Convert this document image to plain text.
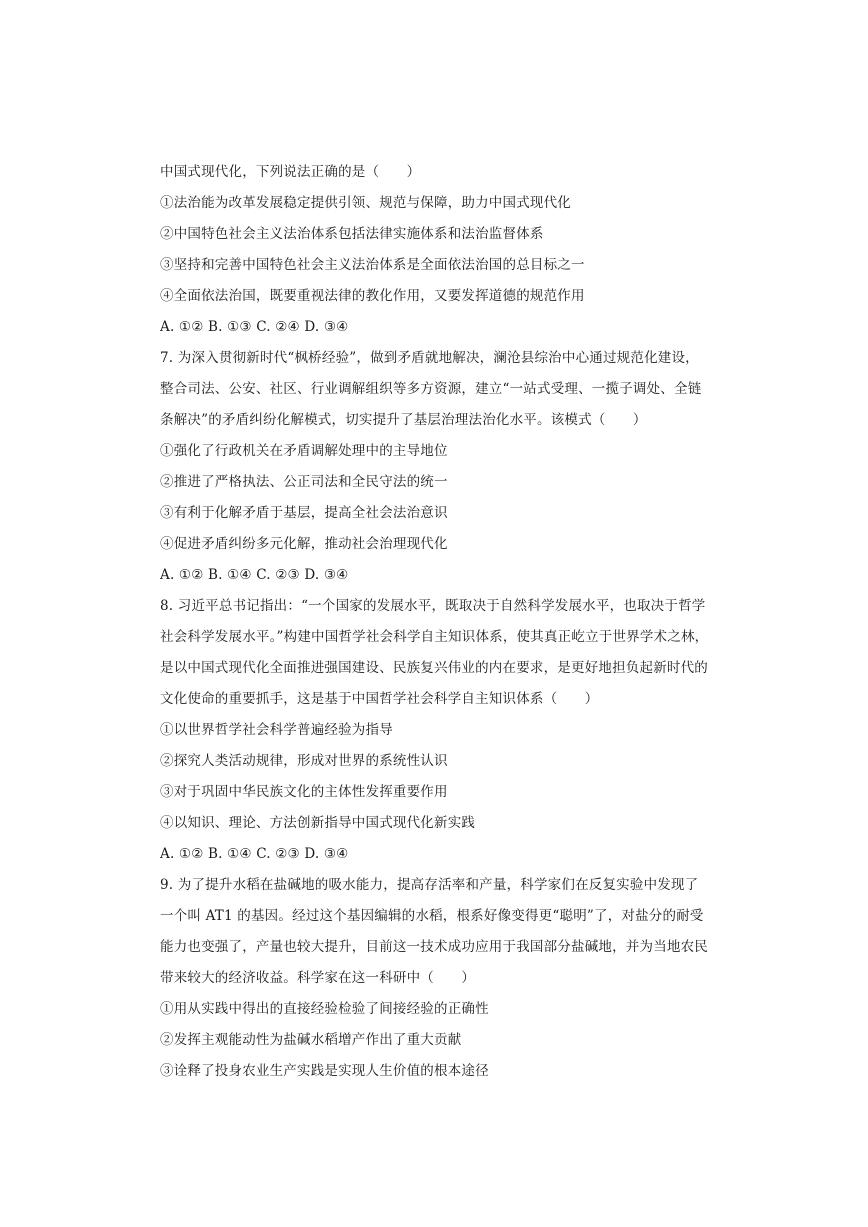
中国式现代化，下列说法正确的是（　　）
①法治能为改革发展稳定提供引领、规范与保障，助力中国式现代化
②中国特色社会主义法治体系包括法律实施体系和法治监督体系
③坚持和完善中国特色社会主义法治体系是全面依法治国的总目标之一
④全面依法治国，既要重视法律的教化作用，又要发挥道德的规范作用
A. ①② B. ①③ C. ②④ D. ③④
7. 为深入贯彻新时代“枫桥经验”，做到矛盾就地解决，澜沧县综治中心通过规范化建设，
整合司法、公安、社区、行业调解组织等多方资源，建立“一站式受理、一揽子调处、全链
条解决”的矛盾纠纷化解模式，切实提升了基层治理法治化水平。该模式（　　）
①强化了行政机关在矛盾调解处理中的主导地位
②推进了严格执法、公正司法和全民守法的统一
③有利于化解矛盾于基层，提高全社会法治意识
④促进矛盾纠纷多元化解，推动社会治理现代化
A. ①② B. ①④ C. ②③ D. ③④
8. 习近平总书记指出：“一个国家的发展水平，既取决于自然科学发展水平，也取决于哲学
社会科学发展水平。”构建中国哲学社会科学自主知识体系，使其真正屹立于世界学术之林，
是以中国式现代化全面推进强国建设、民族复兴伟业的内在要求，是更好地担负起新时代的
文化使命的重要抓手，这是基于中国哲学社会科学自主知识体系（　　）
①以世界哲学社会科学普遍经验为指导
②探究人类活动规律，形成对世界的系统性认识
③对于巩固中华民族文化的主体性发挥重要作用
④以知识、理论、方法创新指导中国式现代化新实践
A. ①② B. ①④ C. ②③ D. ③④
9. 为了提升水稻在盐碱地的吸水能力，提高存活率和产量，科学家们在反复实验中发现了
一个叫 AT1 的基因。经过这个基因编辑的水稻，根系好像变得更“聪明”了，对盐分的耐受
能力也变强了，产量也较大提升，目前这一技术成功应用于我国部分盐碱地，并为当地农民
带来较大的经济收益。科学家在这一科研中（　　）
①用从实践中得出的直接经验检验了间接经验的正确性
②发挥主观能动性为盐碱水稻增产作出了重大贡献
③诠释了投身农业生产实践是实现人生价值的根本途径
